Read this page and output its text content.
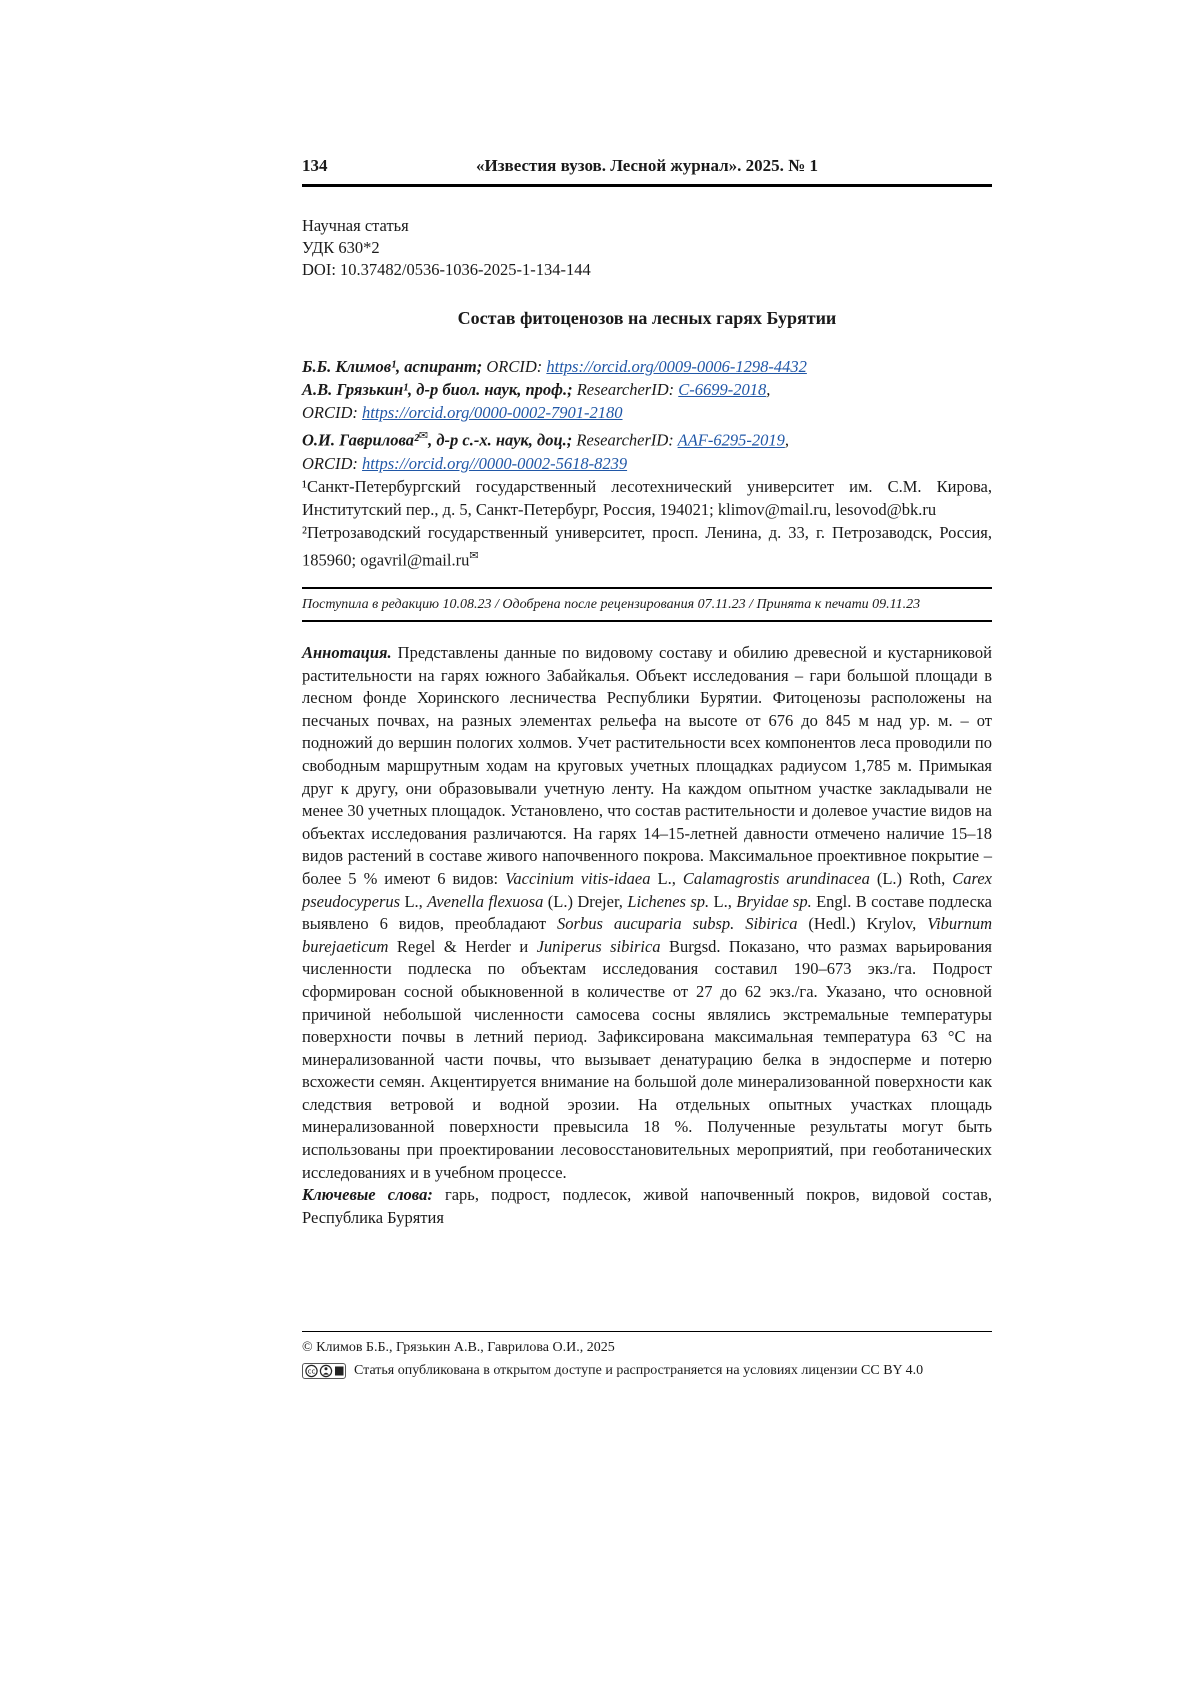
134	«Известия вузов. Лесной журнал». 2025. № 1
Научная статья
УДК 630*2
DOI: 10.37482/0536-1036-2025-1-134-144
Состав фитоценозов на лесных гарях Бурятии
Б.Б. Климов¹, аспирант; ORCID: https://orcid.org/0009-0006-1298-4432
А.В. Грязькин¹, д-р биол. наук, проф.; ResearcherID: C-6699-2018,
ORCID: https://orcid.org/0000-0002-7901-2180
О.И. Гаврилова²✉, д-р с.-х. наук, доц.; ResearcherID: AAF-6295-2019,
ORCID: https://orcid.org//0000-0002-5618-8239

¹Санкт-Петербургский государственный лесотехнический университет им. С.М. Кирова, Институтский пер., д. 5, Санкт-Петербург, Россия, 194021; klimov@mail.ru, lesovod@bk.ru

²Петрозаводский государственный университет, просп. Ленина, д. 33, г. Петрозаводск, Россия, 185960; ogavril@mail.ru✉

Поступила в редакцию 10.08.23 / Одобрена после рецензирования 07.11.23 / Принята к печати 09.11.23

Аннотация. Представлены данные по видовому составу и обилию древесной и кустарниковой растительности на гарях южного Забайкалья. Объект исследования – гари большой площади в лесном фонде Хоринского лесничества Республики Бурятии. Фитоценозы расположены на песчаных почвах, на разных элементах рельефа на высоте от 676 до 845 м над ур. м. – от подножий до вершин пологих холмов. Учет растительности всех компонентов леса проводили по свободным маршрутным ходам на круговых учетных площадках радиусом 1,785 м. Примыкая друг к другу, они образовывали учетную ленту. На каждом опытном участке закладывали не менее 30 учетных площадок. Установлено, что состав растительности и долевое участие видов на объектах исследования различаются. На гарях 14–15-летней давности отмечено наличие 15–18 видов растений в составе живого напочвенного покрова. Максимальное проективное покрытие – более 5 % имеют 6 видов: Vaccinium vitis-idaea L., Calamagrostis arundinacea (L.) Roth, Carex pseudocyperus L., Avenella flexuosa (L.) Drejer, Lichenes sp. L., Bryidae sp. Engl. В составе подлеска выявлено 6 видов, преобладают Sorbus aucuparia subsp. Sibirica (Hedl.) Krylov, Viburnum burejaeticum Regel & Herder и Juniperus sibirica Burgsd. Показано, что размах варьирования численности подлеска по объектам исследования составил 190–673 экз./га. Подрост сформирован сосной обыкновенной в количестве от 27 до 62 экз./га. Указано, что основной причиной небольшой численности самосева сосны являлись экстремальные температуры поверхности почвы в летний период. Зафиксирована максимальная температура 63 °С на минерализованной части почвы, что вызывает денатурацию белка в эндосперме и потерю всхожести семян. Акцентируется внимание на большой доле минерализованной поверхности как следствия ветровой и водной эрозии. На отдельных опытных участках площадь минерализованной поверхности превысила 18 %. Полученные результаты могут быть использованы при проектировании лесовосстановительных мероприятий, при геоботанических исследованиях и в учебном процессе.

Ключевые слова: гарь, подрост, подлесок, живой напочвенный покров, видовой состав, Республика Бурятия

© Климов Б.Б., Грязькин А.В., Гаврилова О.И., 2025
cc	Статья опубликована в открытом доступе и распространяется на условиях лицензии CC BY 4.0
